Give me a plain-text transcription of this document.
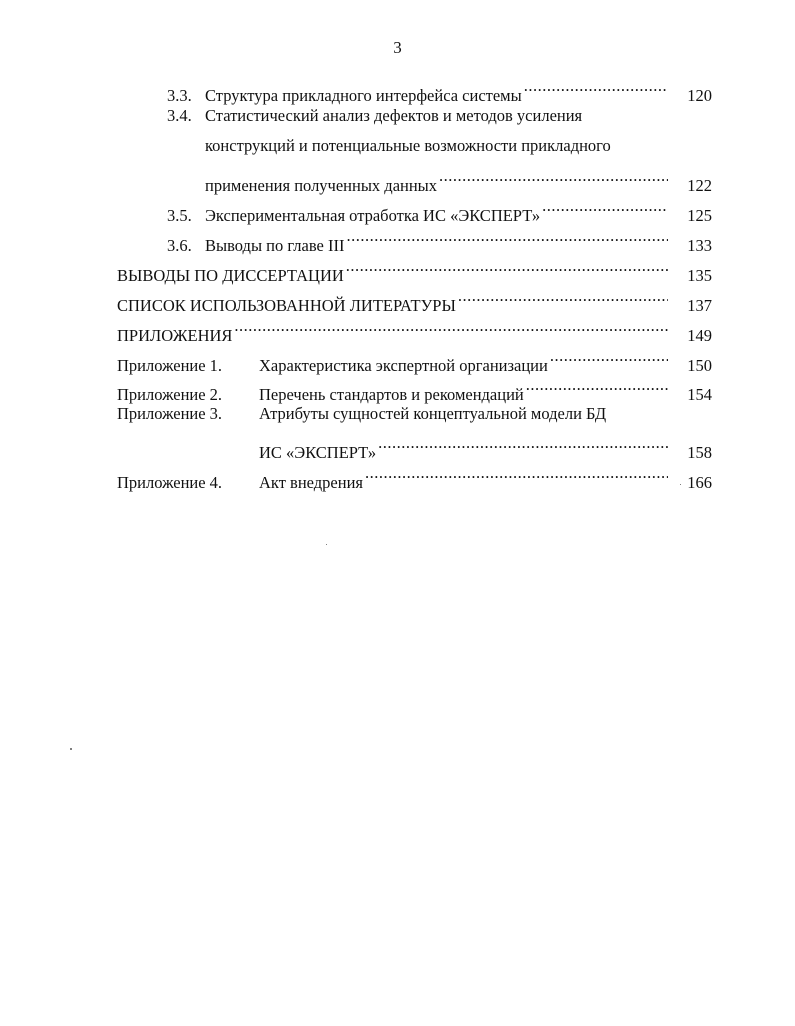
3
3.3. Структура прикладного интерфейса системы .....	120
3.4. Статистический анализ дефектов и методов усиления
конструкций и потенциальные возможности прикладного
применения полученных данных .....	122
3.5. Экспериментальная отработка ИС «ЭКСПЕРТ» .....	125
3.6. Выводы по главе III .....	133
ВЫВОДЫ ПО ДИССЕРТАЦИИ .....	135
СПИСОК ИСПОЛЬЗОВАННОЙ ЛИТЕРАТУРЫ .....	137
ПРИЛОЖЕНИЯ .....	149
Приложение 1.	Характеристика экспертной организации .....	150
Приложение 2.	Перечень стандартов и рекомендаций .....	154
Приложение 3.	Атрибуты сущностей концептуальной модели БД
ИС «ЭКСПЕРТ» .....	158
Приложение 4.	Акт внедрения .....	166
